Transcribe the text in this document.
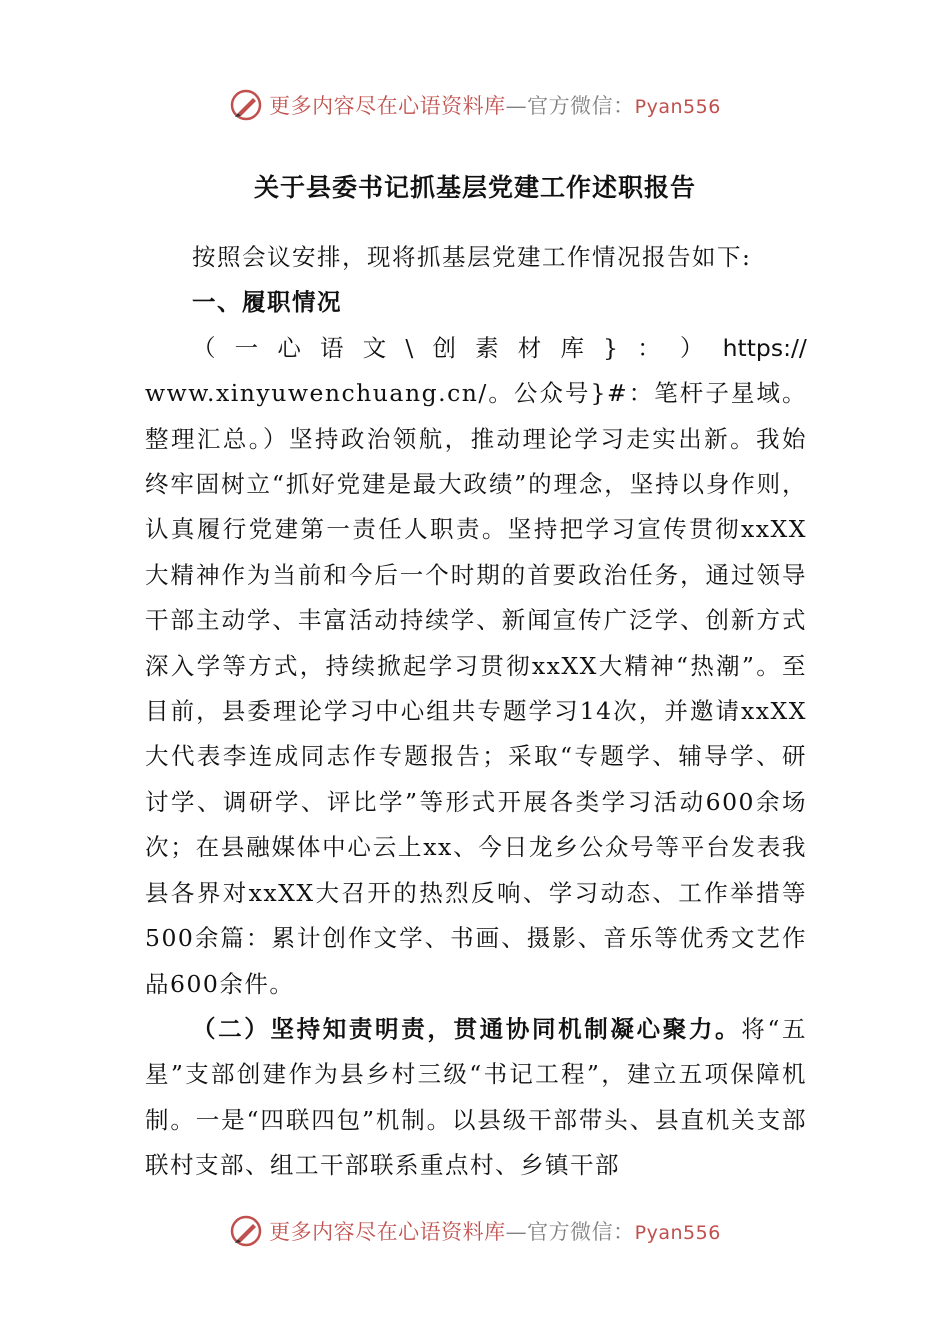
更多内容尽在心语资料库—官方微信：Pyan556
关于县委书记抓基层党建工作述职报告

按照会议安排，现将抓基层党建工作情况报告如下:

一、履职情况

（ 一 心 语 文 \ 创 素 材 库 } ： ） https://

www.xinyuwenchuang.cn/。公众号}#：笔杆子星域。整理汇总。）坚持政治领航，推动理论学习走实出新。我始终牢固树立“抓好党建是最大政绩”的理念，坚持以身作则，认真履行党建第一责任人职责。坚持把学习宣传贯彻xxXX大精神作为当前和今后一个时期的首要政治任务，通过领导干部主动学、丰富活动持续学、新闻宣传广泛学、创新方式深入学等方式，持续掀起学习贯彻xxXX大精神“热潮”。至目前，县委理论学习中心组共专题学习14次，并邀请xxXX大代表李连成同志作专题报告；采取“专题学、辅导学、研讨学、调研学、评比学”等形式开展各类学习活动600余场次；在县融媒体中心云上xx、今日龙乡公众号等平台发表我县各界对xxXX大召开的热烈反响、学习动态、工作举措等500余篇：累计创作文学、书画、摄影、音乐等优秀文艺作品600余件。

（二）坚持知责明责，贯通协同机制凝心聚力。将“五星”支部创建作为县乡村三级“书记工程”，建立五项保障机制。一是“四联四包”机制。以县级干部带头、县直机关支部联村支部、组工干部联系重点村、乡镇干部

更多内容尽在心语资料库—官方微信：Pyan556
